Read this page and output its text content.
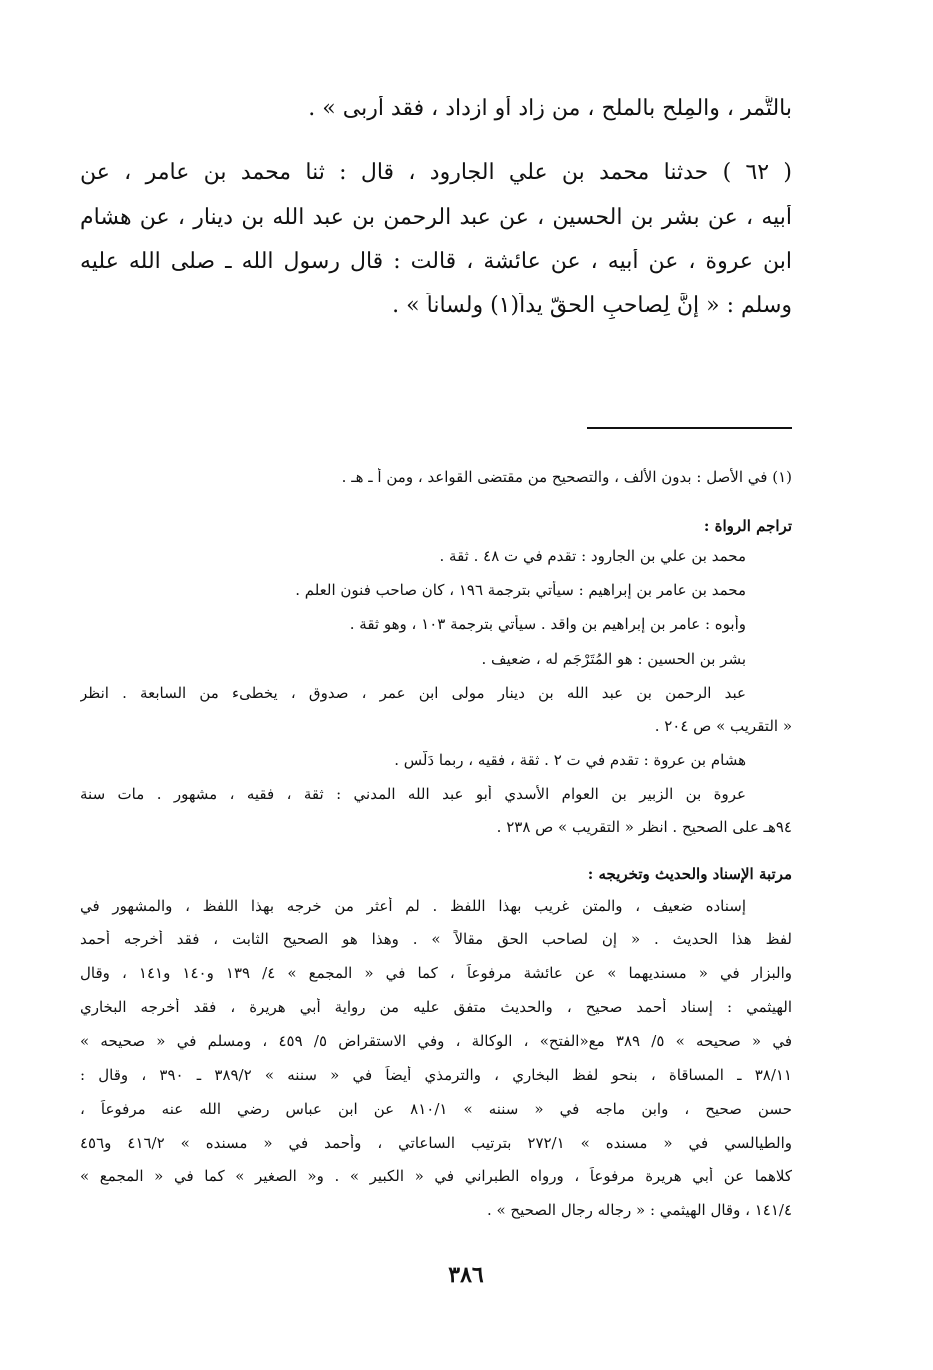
بالتَّمر ، والمِلح بالملح ، من زاد أو ازداد ، فقد أربى » .
( ٦٢ ) حدثنا محمد بن علي الجارود ، قال : ثنا محمد بن عامر ، عن
أبيه ، عن بشر بن الحسين ، عن عبد الرحمن بن عبد الله بن دينار ، عن هشام
ابن عروة ، عن أبيه ، عن عائشة ، قالت : قال رسول الله ـ صلى الله عليه
وسلم : « إنَّ لِصاحبِ الحقّ يداً(١) ولساناً » .
(١) في الأصل : بدون الألف ، والتصحيح من مقتضى القواعد ، ومن أ ـ هـ .
تراجم الرواة :
محمد بن علي بن الجارود : تقدم في ت ٤٨ . ثقة .
محمد بن عامر بن إبراهيم : سيأتي بترجمة ١٩٦ ، كان صاحب فنون العلم .
وأبوه : عامر بن إبراهيم بن واقد . سيأتي بترجمة ١٠٣ ، وهو ثقة .
بشر بن الحسين : هو المُتَرْجَم له ، ضعيف .
عبد الرحمن بن عبد الله بن دينار مولى ابن عمر ، صدوق ، يخطىء من السابعة . انظر
« التقريب » ص ٢٠٤ .
هشام بن عروة : تقدم في ت ٢ . ثقة ، فقيه ، ربما دَلَّس .
عروة بن الزبير بن العوام الأسدي أبو عبد الله المدني : ثقة ، فقيه ، مشهور . مات سنة
٩٤هـ على الصحيح . انظر « التقريب » ص ٢٣٨ .
مرتبة الإسناد والحديث وتخريجه :
إسناده ضعيف ، والمتن غريب بهذا اللفظ . لم أعثر من خرجه بهذا اللفظ ، والمشهور في
لفظ هذا الحديث . « إن لصاحب الحق مقالاً » . وهذا هو الصحيح الثابت ، فقد أخرجه أحمد
والبزار في « مسنديهما » عن عائشة مرفوعاً ، كما في « المجمع » ٤/ ١٣٩ و١٤٠ و١٤١ ، وقال
الهيثمي : إسناد أحمد صحيح ، والحديث متفق عليه من رواية أبي هريرة ، فقد أخرجه البخاري
في « صحيحه » ٥/ ٣٨٩ مع«الفتح» ، الوكالة ، وفي الاستقراض ٥/ ٤٥٩ ، ومسلم في « صحيحه »
٣٨/١١ ـ المساقاة ، بنحو لفظ البخاري ، والترمذي أيضاً في « سننه » ٣٨٩/٢ ـ ٣٩٠ ، وقال :
حسن صحيح ، وابن ماجه في « سننه » ٨١٠/١ عن ابن عباس رضي الله عنه مرفوعاً ،
والطيالسي في « مسنده » ٢٧٢/١ بترتيب الساعاتي ، وأحمد في « مسنده » ٤١٦/٢ و٤٥٦
كلاهما عن أبي هريرة مرفوعاً ، ورواه الطبراني في « الكبير » . و« الصغير » كما في « المجمع »
١٤١/٤ ، وقال الهيثمي : « رجاله رجال الصحيح » .
٣٨٦
